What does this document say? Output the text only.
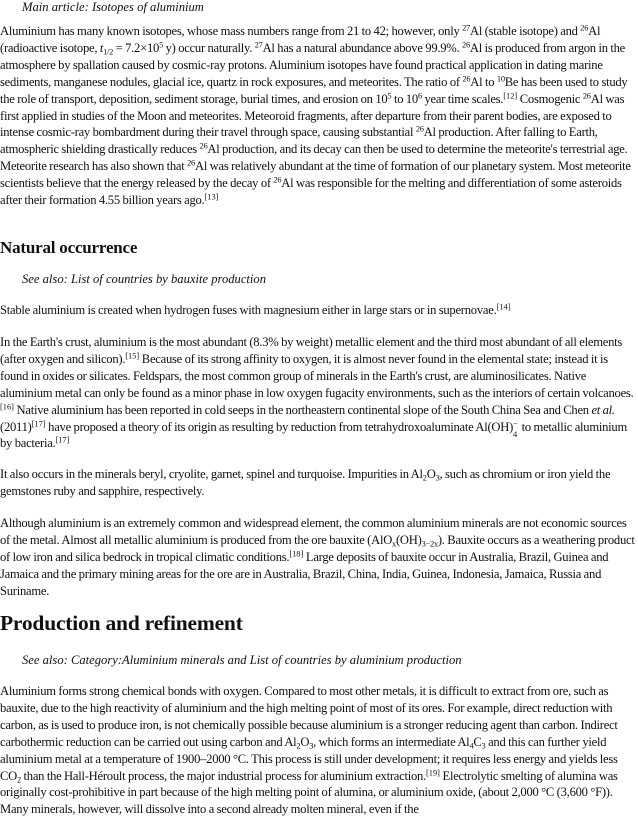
Main article: Isotopes of aluminium

Aluminium has many known isotopes, whose mass numbers range from 21 to 42; however, only $^{27}$Al (stable isotope) and $^{26}$Al (radioactive isotope, $t_{1/2} = 7.2\times 10^5$ y) occur naturally. $^{27}$Al has a natural abundance above 99.9%. $^{26}$Al is produced from argon in the atmosphere by spallation caused by cosmic-ray protons. Aluminium isotopes have found practical application in dating marine sediments, manganese nodules, glacial ice, quartz in rock exposures, and meteorites. The ratio of $^{26}$Al to $^{10}$Be has been used to study the role of transport, deposition, sediment storage, burial times, and erosion on $10^5$ to $10^6$ year time scales.[12] Cosmogenic $^{26}$Al was first applied in studies of the Moon and meteorites. Meteoroid fragments, after departure from their parent bodies, are exposed to intense cosmic-ray bombardment during their travel through space, causing substantial $^{26}$Al production. After falling to Earth, atmospheric shielding drastically reduces $^{26}$Al production, and its decay can then be used to determine the meteorite's terrestrial age. Meteorite research has also shown that $^{26}$Al was relatively abundant at the time of formation of our planetary system. Most meteorite scientists believe that the energy released by the decay of $^{26}$Al was responsible for the melting and differentiation of some asteroids after their formation 4.55 billion years ago.[13]

Natural occurrence
See also: List of countries by bauxite production

Stable aluminium is created when hydrogen fuses with magnesium either in large stars or in supernovae.[14]

In the Earth's crust, aluminium is the most abundant (8.3% by weight) metallic element and the third most abundant of all elements (after oxygen and silicon).[15] Because of its strong affinity to oxygen, it is almost never found in the elemental state; instead it is found in oxides or silicates. Feldspars, the most common group of minerals in the Earth's crust, are aluminosilicates. Native aluminium metal can only be found as a minor phase in low oxygen fugacity environments, such as the interiors of certain volcanoes.[16] Native aluminium has been reported in cold seeps in the northeastern continental slope of the South China Sea and Chen et al. (2011)[17] have proposed a theory of its origin as resulting by reduction from tetrahydroxoaluminate Al(OH) −
4
to metallic aluminium by bacteria.[17]

It also occurs in the minerals beryl, cryolite, garnet, spinel and turquoise. Impurities in $Al_2O_3$, such as chromium or iron yield the gemstones ruby and sapphire, respectively.

Although aluminium is an extremely common and widespread element, the common aluminium minerals are not economic sources of the metal. Almost all metallic aluminium is produced from the ore bauxite $(AlO_x(OH)_{3-2x})$. Bauxite occurs as a weathering product of low iron and silica bedrock in tropical climatic conditions.[18] Large deposits of bauxite occur in Australia, Brazil, Guinea and Jamaica and the primary mining areas for the ore are in Australia, Brazil, China, India, Guinea, Indonesia, Jamaica, Russia and Suriname.

Production and refinement
See also: Category:Aluminium minerals and List of countries by aluminium production

Aluminium forms strong chemical bonds with oxygen. Compared to most other metals, it is difficult to extract from ore, such as bauxite, due to the high reactivity of aluminium and the high melting point of most of its ores. For example, direct reduction with carbon, as is used to produce iron, is not chemically possible because aluminium is a stronger reducing agent than carbon. Indirect carbothermic reduction can be carried out using carbon and $Al_2O_3$, which forms an intermediate $Al_4C_3$ and this can further yield aluminium metal at a temperature of 1900–2000 °C. This process is still under development; it requires less energy and yields less $CO_2$ than the Hall-Héroult process, the major industrial process for aluminium extraction.[19] Electrolytic smelting of alumina was originally cost-prohibitive in part because of the high melting point of alumina, or aluminium oxide, (about 2,000 °C (3,600 °F)). Many minerals, however, will dissolve into a second already molten mineral, even if the
